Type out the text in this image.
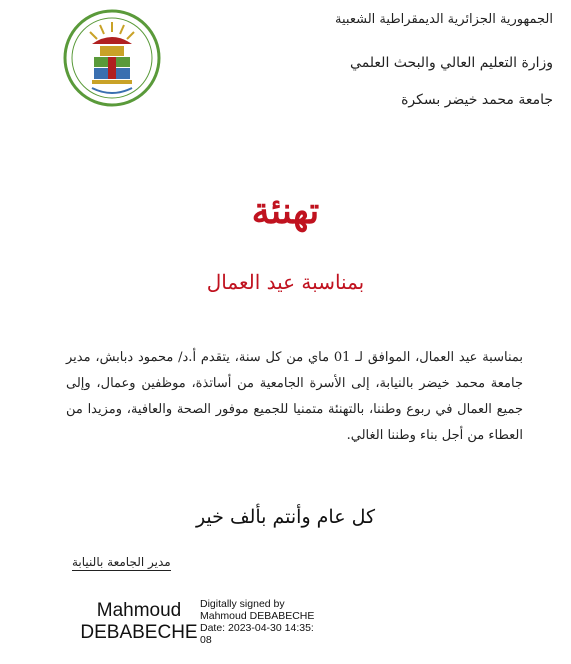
الجمهورية الجزائرية الديمقراطية الشعبية
وزارة التعليم العالي والبحث العلمي
جامعة محمد خيضر بسكرة
تهنئة
بمناسبة عيد العمال
بمناسبة عيد العمال، الموافق لـ 01 ماي من كل سنة، يتقدم أ.د/ محمود دبابش، مدير جامعة محمد خيضر بالنيابة، إلى الأسرة الجامعية من أساتذة، موظفين وعمال، وإلى جميع العمال في ربوع وطننا، بالتهنئة متمنيا للجميع موفور الصحة والعافية، ومزيدا من العطاء من أجل بناء وطننا الغالي.
كل عام وأنتم بألف خير
مدير الجامعة بالنيابة
Mahmoud
DEBABECHE
Digitally signed by
Mahmoud DEBABECHE
Date: 2023-04-30 14:35:
08
